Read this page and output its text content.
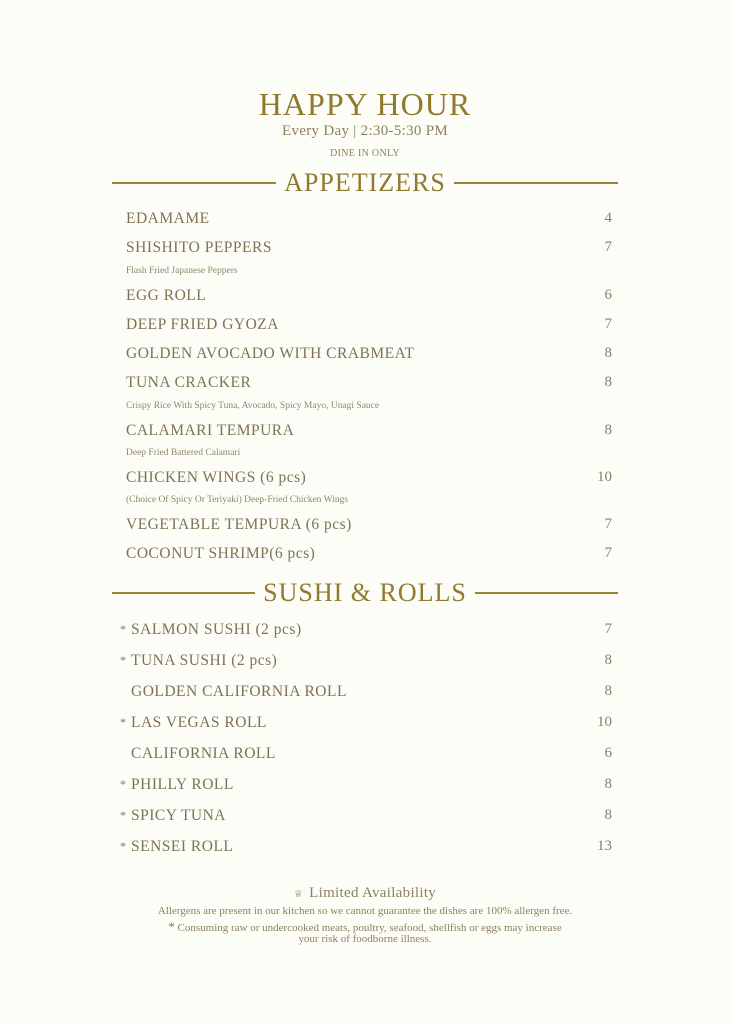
HAPPY HOUR
Every Day | 2:30-5:30 PM
DINE IN ONLY
APPETIZERS
EDAMAME	4
SHISHITO PEPPERS	7
Flash Fried Japanese Peppers
EGG ROLL	6
DEEP FRIED GYOZA	7
GOLDEN AVOCADO WITH CRABMEAT	8
TUNA CRACKER	8
Crispy Rice With Spicy Tuna, Avocado, Spicy Mayo, Unagi Sauce
CALAMARI TEMPURA	8
Deep Fried Battered Calamari
CHICKEN WINGS (6 pcs)	10
(Choice Of Spicy Or Teriyaki) Deep-Fried Chicken Wings
VEGETABLE TEMPURA (6 pcs)	7
COCONUT SHRIMP(6 pcs)	7
SUSHI & ROLLS
* SALMON SUSHI (2 pcs)	7
* TUNA SUSHI (2 pcs)	8
GOLDEN CALIFORNIA ROLL	8
* LAS VEGAS ROLL	10
CALIFORNIA ROLL	6
* PHILLY ROLL	8
* SPICY TUNA	8
* SENSEI ROLL	13
♕ Limited Availability
Allergens are present in our kitchen so we cannot guarantee the dishes are 100% allergen free.
* Consuming raw or undercooked meats, poultry, seafood, shellfish or eggs may increase
your risk of foodborne illness.
